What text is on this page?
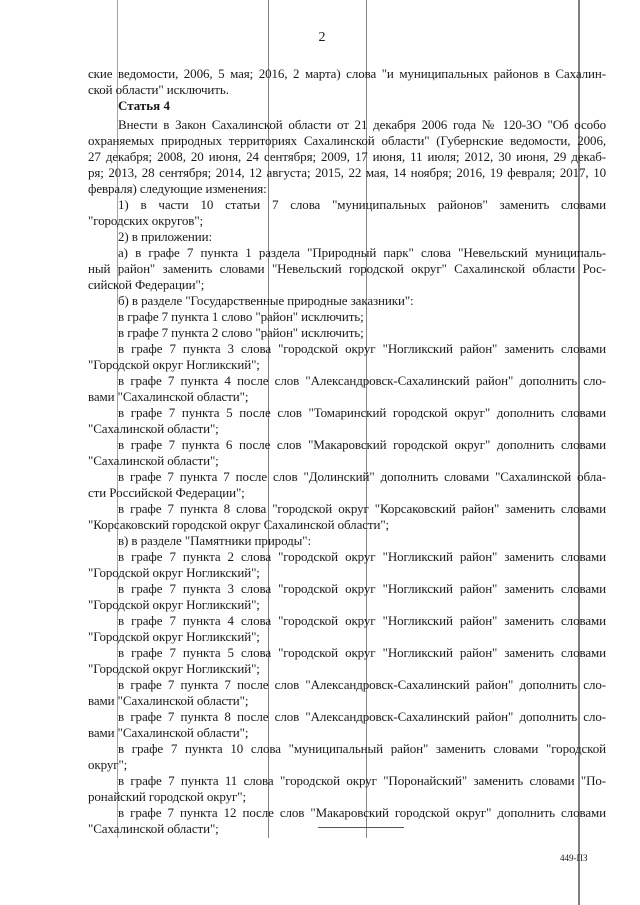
2
ские ведомости, 2006, 5 мая; 2016, 2 марта) слова "и муниципальных районов в Сахалин-
ской области" исключить.
Статья 4
Внести в Закон Сахалинской области от 21 декабря 2006 года № 120-ЗО "Об особо
охраняемых природных территориях Сахалинской области" (Губернские ведомости, 2006,
27 декабря; 2008, 20 июня, 24 сентября; 2009, 17 июня, 11 июля; 2012, 30 июня, 29 декаб-
ря; 2013, 28 сентября; 2014, 12 августа; 2015, 22 мая, 14 ноября; 2016, 19 февраля; 2017, 10
февраля) следующие изменения:
1) в части 10 статьи 7 слова "муниципальных районов" заменить словами
"городских округов";
2) в приложении:
а) в графе 7 пункта 1 раздела "Природный парк" слова "Невельский муниципаль-
ный район" заменить словами "Невельский городской округ" Сахалинской области Рос-
сийской Федерации";
б) в разделе "Государственные природные заказники":
в графе 7 пункта 1 слово "район" исключить;
в графе 7 пункта 2 слово "район" исключить;
в графе 7 пункта 3 слова "городской округ "Ногликский район" заменить словами
"Городской округ Ногликский";
в графе 7 пункта 4 после слов "Александровск-Сахалинский район" дополнить сло-
вами "Сахалинской области";
в графе 7 пункта 5 после слов "Томаринский городской округ" дополнить словами
"Сахалинской области";
в графе 7 пункта 6 после слов "Макаровский городской округ" дополнить словами
"Сахалинской области";
в графе 7 пункта 7 после слов "Долинский" дополнить словами "Сахалинской обла-
сти Российской Федерации";
в графе 7 пункта 8 слова "городской округ "Корсаковский район" заменить словами
"Корсаковский городской округ Сахалинской области";
в) в разделе "Памятники природы":
в графе 7 пункта 2 слова "городской округ "Ногликский район" заменить словами
"Городской округ Ногликский";
в графе 7 пункта 3 слова "городской округ "Ногликский район" заменить словами
"Городской округ Ногликский";
в графе 7 пункта 4 слова "городской округ "Ногликский район" заменить словами
"Городской округ Ногликский";
в графе 7 пункта 5 слова "городской округ "Ногликский район" заменить словами
"Городской округ Ногликский";
в графе 7 пункта 7 после слов "Александровск-Сахалинский район" дополнить сло-
вами "Сахалинской области";
в графе 7 пункта 8 после слов "Александровск-Сахалинский район" дополнить сло-
вами "Сахалинской области";
в графе 7 пункта 10 слова "муниципальный район" заменить словами "городской
округ";
в графе 7 пункта 11 слова "городской округ "Поронайский" заменить словами "По-
ронайский городской округ";
в графе 7 пункта 12 после слов "Макаровский городской округ" дополнить словами
"Сахалинской области";
449-ПЗ
